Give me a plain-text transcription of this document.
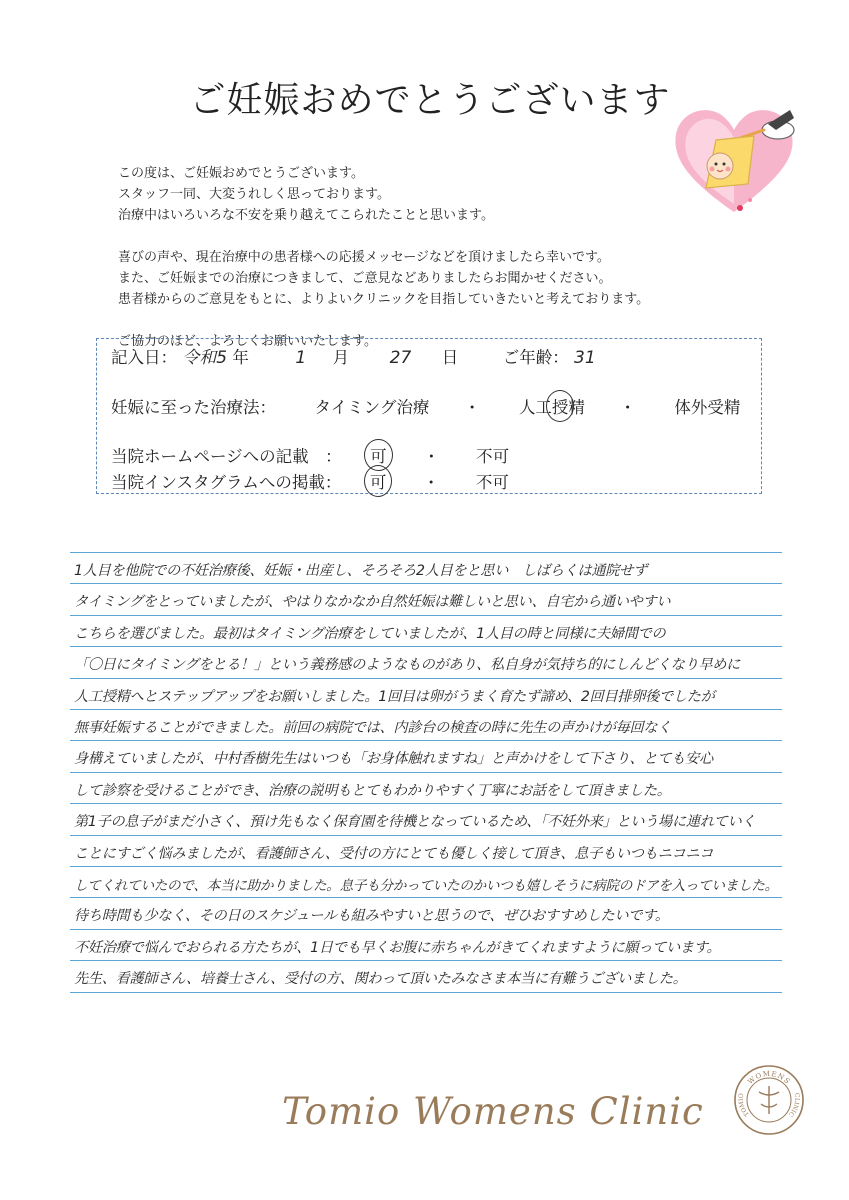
ご妊娠おめでとうございます

この度は、ご妊娠おめでとうございます。

スタッフ一同、大変うれしく思っております。

治療中はいろいろな不安を乗り越えてこられたことと思います。

喜びの声や、現在治療中の患者様への応援メッセージなどを頂けましたら幸いです。

また、ご妊娠までの治療につきまして、ご意見などありましたらお聞かせください。

患者様からのご意見をもとに、よりよいクリニックを目指していきたいと考えております。

ご協力のほど、よろしくお願いいたします。

記入日： 令和5 年	1 月 27 日	ご年齢： 31
妊娠に至った治療法： タイミング治療 ・ 人工授精 ・ 体外受精
当院ホームページへの記載　： 可 ・ 不可
当院インスタグラムへの掲載： 可 ・ 不可
1人目を他院での不妊治療後、妊娠・出産し、そろそろ2人目をと思い　しばらくは通院せず
タイミングをとっていましたが、やはりなかなか自然妊娠は難しいと思い、自宅から通いやすい
こちらを選びました。最初はタイミング治療をしていましたが、1人目の時と同様に夫婦間での
「〇日にタイミングをとる！」という義務感のようなものがあり、私自身が気持ち的にしんどくなり早めに
人工授精へとステップアップをお願いしました。1回目は卵がうまく育たず諦め、2回目排卵後でしたが
無事妊娠することができました。前回の病院では、内診台の検査の時に先生の声かけが毎回なく
身構えていましたが、中村香樹先生はいつも「お身体触れますね」と声かけをして下さり、とても安心
して診察を受けることができ、治療の説明もとてもわかりやすく丁寧にお話をして頂きました。
第1子の息子がまだ小さく、預け先もなく保育園を待機となっているため、「不妊外来」という場に連れていく
ことにすごく悩みましたが、看護師さん、受付の方にとても優しく接して頂き、息子もいつもニコニコ
してくれていたので、本当に助かりました。息子も分かっていたのかいつも嬉しそうに病院のドアを入っていました。
待ち時間も少なく、その日のスケジュールも組みやすいと思うので、ぜひおすすめしたいです。
不妊治療で悩んでおられる方たちが、1日でも早くお腹に赤ちゃんがきてくれますように願っています。
先生、看護師さん、培養士さん、受付の方、関わって頂いたみなさま本当に有難うございました。
Tomio Womens Clinic
WOMENS
TOMIO	CLINIC
